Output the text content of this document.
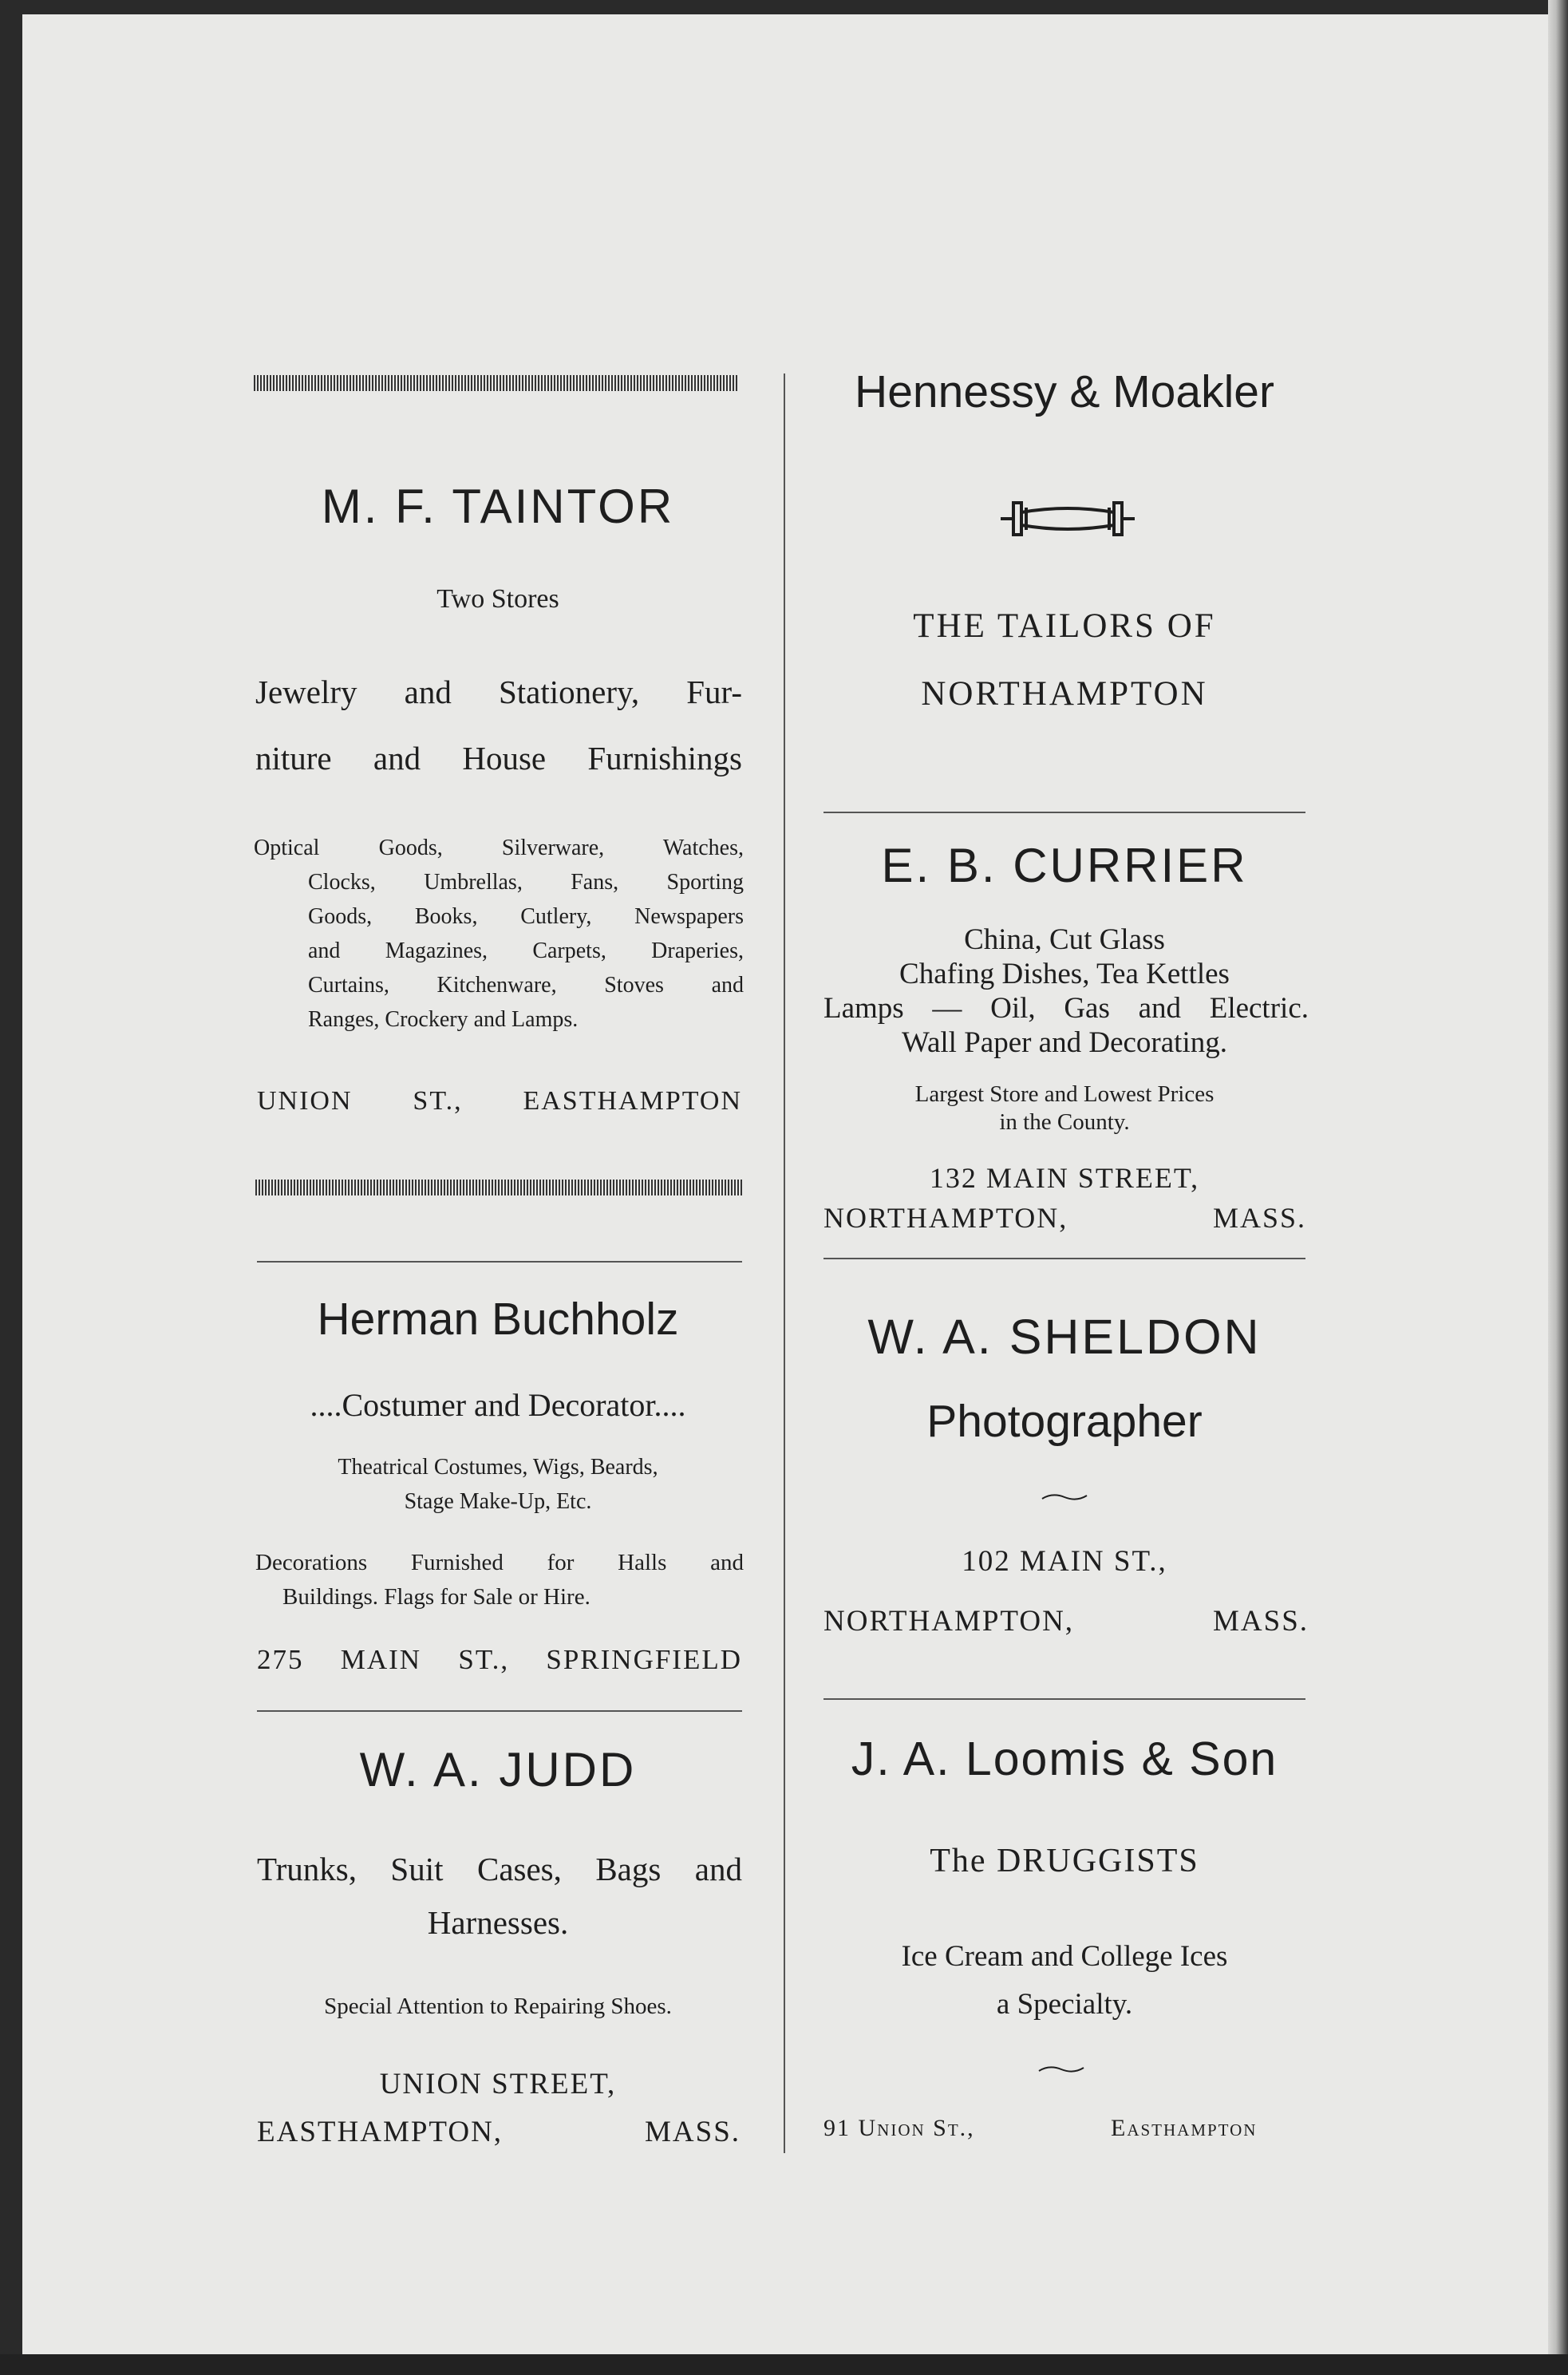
M. F. TAINTOR
Two Stores
Jewelry and Stationery, Fur-
niture and House Furnishings
Optical Goods, Silverware, Watches,
Clocks, Umbrellas, Fans, Sporting
Goods, Books, Cutlery, Newspapers
and Magazines, Carpets, Draperies,
Curtains, Kitchenware, Stoves and
Ranges, Crockery and Lamps.
UNION ST., EASTHAMPTON
Herman Buchholz
....Costumer and Decorator....
Theatrical Costumes, Wigs, Beards,
Stage Make-Up, Etc.
Decorations Furnished for Halls and
Buildings. Flags for Sale or Hire.
275 MAIN ST., SPRINGFIELD
W. A. JUDD
Trunks, Suit Cases, Bags and
Harnesses.
Special Attention to Repairing Shoes.
UNION STREET,
EASTHAMPTON,	MASS.
Hennessy & Moakler
THE TAILORS OF
NORTHAMPTON
E. B. CURRIER
China, Cut Glass
Chafing Dishes, Tea Kettles
Lamps — Oil, Gas and Electric.
Wall Paper and Decorating.
Largest Store and Lowest Prices
in the County.
132 MAIN STREET,
NORTHAMPTON,	MASS.
W. A. SHELDON
Photographer
102 MAIN ST.,
NORTHAMPTON,	MASS.
J. A. Loomis & Son
The DRUGGISTS
Ice Cream and College Ices
a Specialty.
91 Union St.,	Easthampton
